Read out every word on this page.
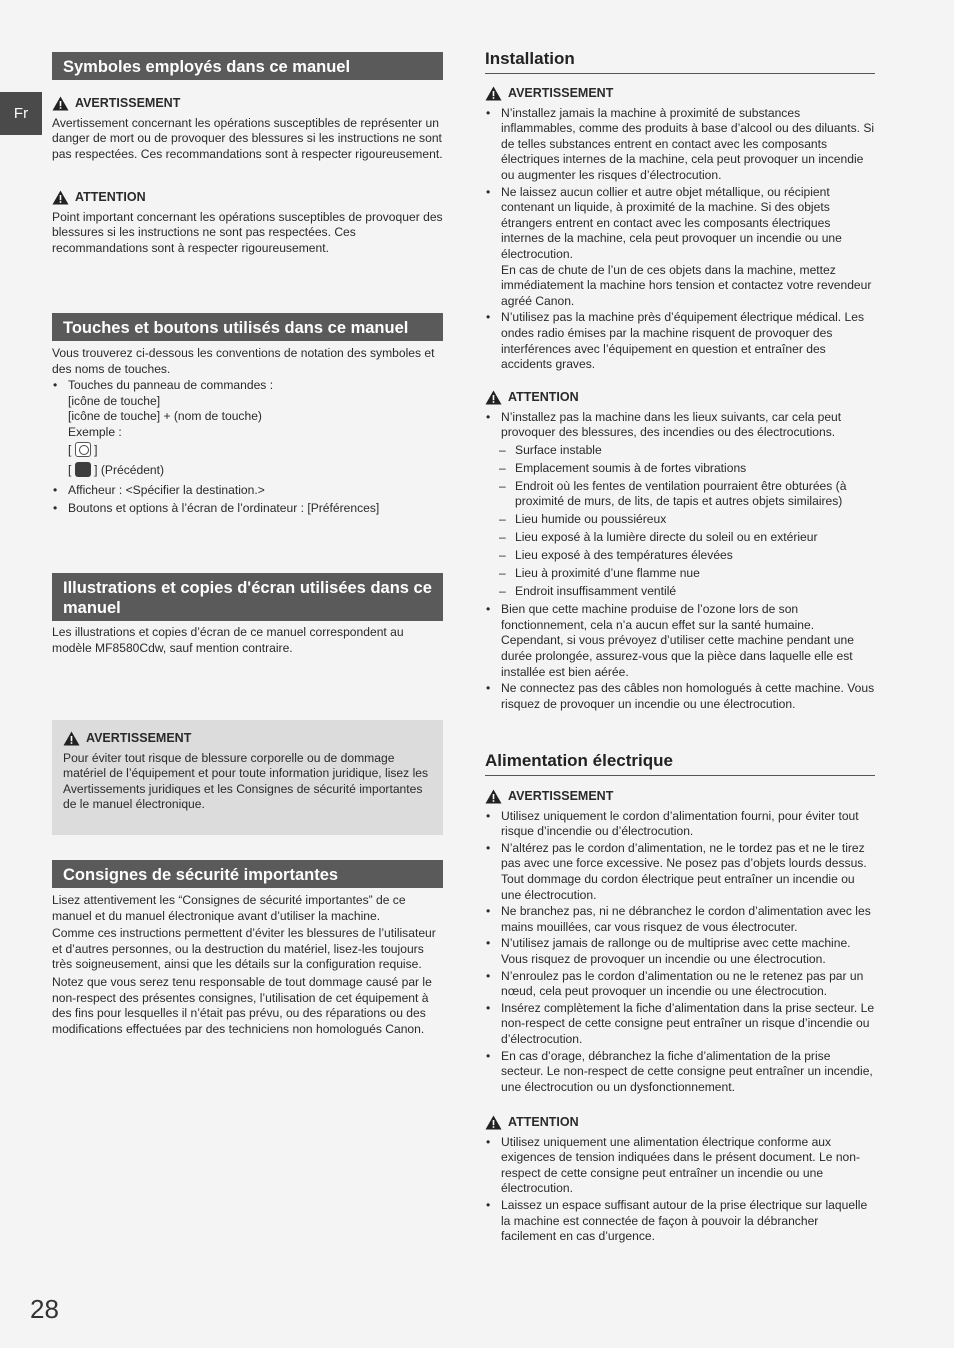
Fr
Symboles employés dans ce manuel
AVERTISSEMENT

Avertissement concernant les opérations susceptibles de représenter un danger de mort ou de provoquer des blessures si les instructions ne sont pas respectées. Ces recommandations sont à respecter rigoureusement.

ATTENTION

Point important concernant les opérations susceptibles de provoquer des blessures si les instructions ne sont pas respectées. Ces recommandations sont à respecter rigoureusement.

Touches et boutons utilisés dans ce manuel

Vous trouverez ci-dessous les conventions de notation des symboles et des noms de touches.

• Touches du panneau de commandes :
[icône de touche]
[icône de touche] + (nom de touche)
Exemple :
[ ]
[ ] (Précédent)
• Afficheur : <Spécifier la destination.>
• Boutons et options à l’écran de l’ordinateur : [Préférences]
Illustrations et copies d'écran utilisées dans ce manuel

Les illustrations et copies d’écran de ce manuel correspondent au modèle MF8580Cdw, sauf mention contraire.

AVERTISSEMENT

Pour éviter tout risque de blessure corporelle ou de dommage matériel de l’équipement et pour toute information juridique, lisez les Avertissements juridiques et les Consignes de sécurité importantes de le manuel électronique.

Consignes de sécurité importantes

Lisez attentivement les “Consignes de sécurité importantes” de ce manuel et du manuel électronique avant d’utiliser la machine.

Comme ces instructions permettent d’éviter les blessures de l’utilisateur et d’autres personnes, ou la destruction du matériel, lisez-les toujours très soigneusement, ainsi que les détails sur la configuration requise.

Notez que vous serez tenu responsable de tout dommage causé par le non-respect des présentes consignes, l’utilisation de cet équipement à des fins pour lesquelles il n’était pas prévu, ou des réparations ou des modifications effectuées par des techniciens non homologués Canon.

Installation
AVERTISSEMENT
• N’installez jamais la machine à proximité de substances inflammables, comme des produits à base d’alcool ou des diluants. Si de telles substances entrent en contact avec les composants électriques internes de la machine, cela peut provoquer un incendie ou augmenter les risques d’électrocution.
• Ne laissez aucun collier et autre objet métallique, ou récipient contenant un liquide, à proximité de la machine. Si des objets étrangers entrent en contact avec les composants électriques internes de la machine, cela peut provoquer un incendie ou une électrocution.
En cas de chute de l’un de ces objets dans la machine, mettez immédiatement la machine hors tension et contactez votre revendeur agréé Canon.
• N’utilisez pas la machine près d’équipement électrique médical. Les ondes radio émises par la machine risquent de provoquer des interférences avec l’équipement en question et entraîner des accidents graves.
ATTENTION
• N’installez pas la machine dans les lieux suivants, car cela peut provoquer des blessures, des incendies ou des électrocutions.
– Surface instable
– Emplacement soumis à de fortes vibrations
– Endroit où les fentes de ventilation pourraient être obturées (à proximité de murs, de lits, de tapis et autres objets similaires)
– Lieu humide ou poussiéreux
– Lieu exposé à la lumière directe du soleil ou en extérieur
– Lieu exposé à des températures élevées
– Lieu à proximité d’une flamme nue
– Endroit insuffisamment ventilé
• Bien que cette machine produise de l’ozone lors de son fonctionnement, cela n’a aucun effet sur la santé humaine. Cependant, si vous prévoyez d’utiliser cette machine pendant une durée prolongée, assurez-vous que la pièce dans laquelle elle est installée est bien aérée.
• Ne connectez pas des câbles non homologués à cette machine. Vous risquez de provoquer un incendie ou une électrocution.
Alimentation électrique
AVERTISSEMENT
• Utilisez uniquement le cordon d’alimentation fourni, pour éviter tout risque d’incendie ou d’électrocution.
• N’altérez pas le cordon d’alimentation, ne le tordez pas et ne le tirez pas avec une force excessive. Ne posez pas d’objets lourds dessus. Tout dommage du cordon électrique peut entraîner un incendie ou une électrocution.
• Ne branchez pas, ni ne débranchez le cordon d’alimentation avec les mains mouillées, car vous risquez de vous électrocuter.
• N’utilisez jamais de rallonge ou de multiprise avec cette machine. Vous risquez de provoquer un incendie ou une électrocution.
• N’enroulez pas le cordon d’alimentation ou ne le retenez pas par un nœud, cela peut provoquer un incendie ou une électrocution.
• Insérez complètement la fiche d’alimentation dans la prise secteur. Le non-respect de cette consigne peut entraîner un risque d’incendie ou d’électrocution.
• En cas d’orage, débranchez la fiche d’alimentation de la prise secteur. Le non-respect de cette consigne peut entraîner un incendie, une électrocution ou un dysfonctionnement.
ATTENTION
• Utilisez uniquement une alimentation électrique conforme aux exigences de tension indiquées dans le présent document. Le non-respect de cette consigne peut entraîner un incendie ou une électrocution.
• Laissez un espace suffisant autour de la prise électrique sur laquelle la machine est connectée de façon à pouvoir la débrancher facilement en cas d’urgence.
28
